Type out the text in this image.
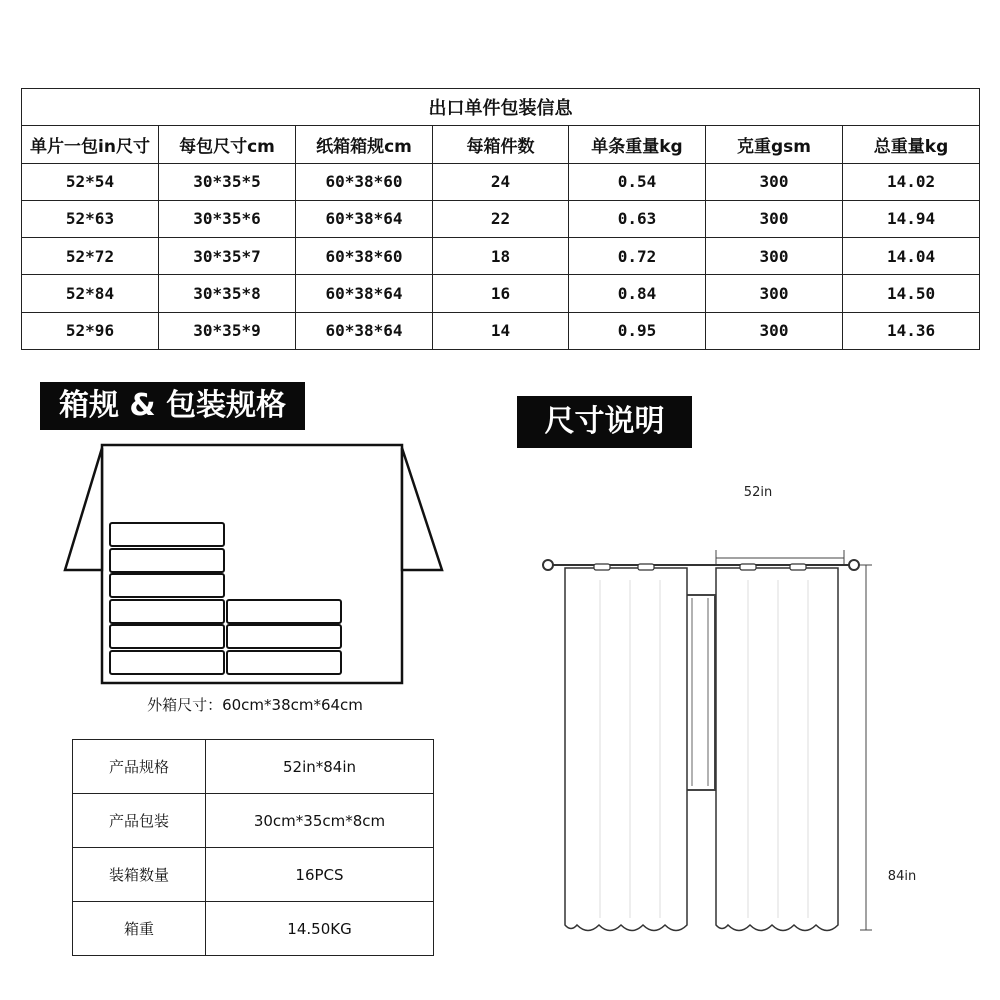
出口单件包装信息						
单片一包in尺寸	每包尺寸cm	纸箱箱规cm	每箱件数	单条重量kg	克重gsm	总重量kg
52*54	30*35*5	60*38*60	24	0.54	300	14.02
52*63	30*35*6	60*38*64	22	0.63	300	14.94
52*72	30*35*7	60*38*60	18	0.72	300	14.04
52*84	30*35*8	60*38*64	16	0.84	300	14.50
52*96	30*35*9	60*38*64	14	0.95	300	14.36
箱规 & 包装规格	尺寸说明
外箱尺寸：60cm*38cm*64cm
产品规格	52in*84in
产品包装	30cm*35cm*8cm
装箱数量	16PCS
箱重	14.50KG
52in
84in
